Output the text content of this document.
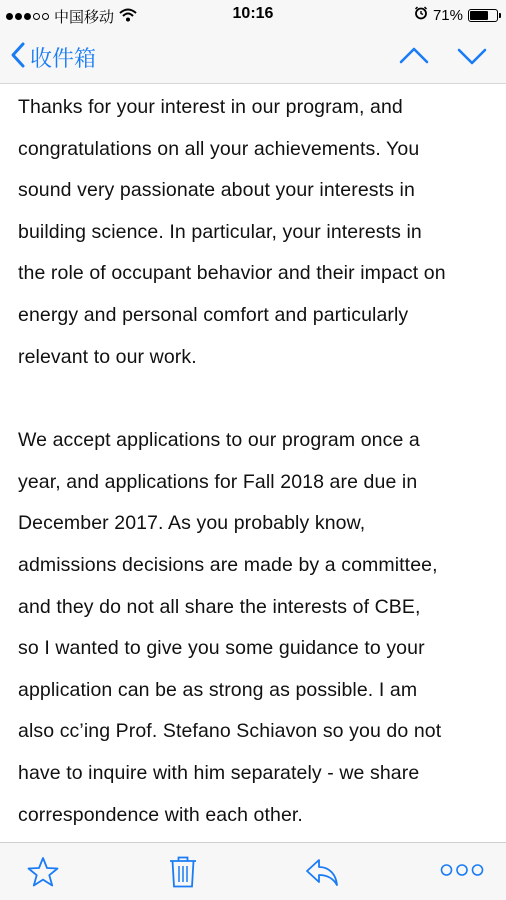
中国移动	10:16	71%
收件箱
Thanks for your interest in our program, and
congratulations on all your achievements. You
sound very passionate about your interests in
building science. In particular, your interests in
the role of occupant behavior and their impact on
energy and personal comfort and particularly
relevant to our work.
We accept applications to our program once a
year, and applications for Fall 2018 are due in
December 2017. As you probably know,
admissions decisions are made by a committee,
and they do not all share the interests of CBE,
so I wanted to give you some guidance to your
application can be as strong as possible. I am
also cc’ing Prof. Stefano Schiavon so you do not
have to inquire with him separately - we share
correspondence with each other.
